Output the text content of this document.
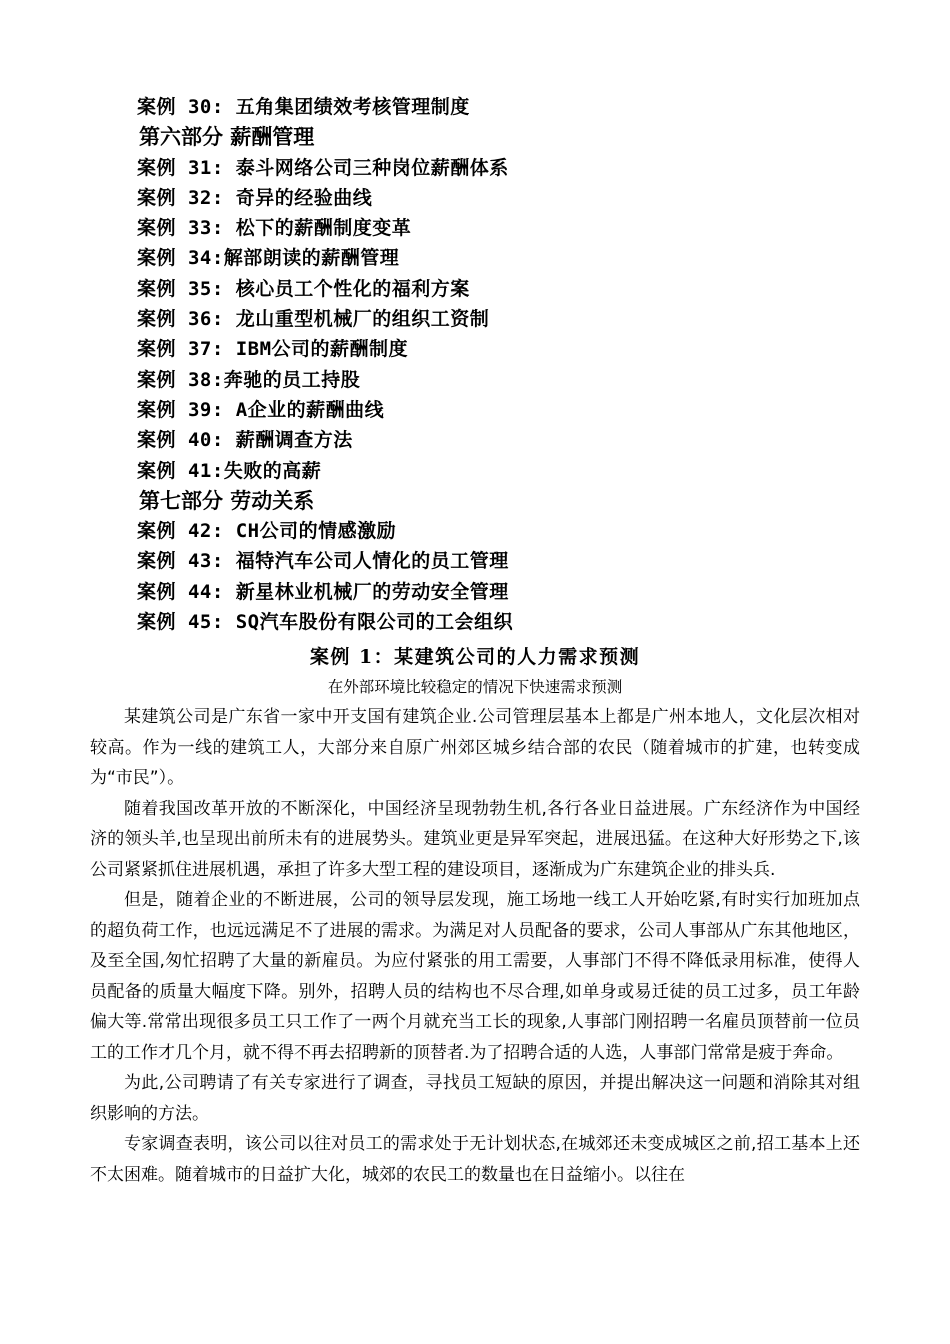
案例 30: 五角集团绩效考核管理制度
第六部分 薪酬管理
案例 31: 泰斗网络公司三种岗位薪酬体系
案例 32: 奇异的经验曲线
案例 33: 松下的薪酬制度变革
案例 34:解部朗读的薪酬管理
案例 35: 核心员工个性化的福利方案
案例 36: 龙山重型机械厂的组织工资制
案例 37: IBM公司的薪酬制度
案例 38:奔驰的员工持股
案例 39: A企业的薪酬曲线
案例 40: 薪酬调查方法
案例 41:失败的高薪
第七部分 劳动关系
案例 42: CH公司的情感激励
案例 43: 福特汽车公司人情化的员工管理
案例 44: 新星林业机械厂的劳动安全管理
案例 45: SQ汽车股份有限公司的工会组织
案例 1：某建筑公司的人力需求预测
在外部环境比较稳定的情况下快速需求预测

某建筑公司是广东省一家中开支国有建筑企业.公司管理层基本上都是广州本地人，文化层次相对较高。作为一线的建筑工人，大部分来自原广州郊区城乡结合部的农民（随着城市的扩建，也转变成为“市民”）。

随着我国改革开放的不断深化，中国经济呈现勃勃生机,各行各业日益进展。广东经济作为中国经济的领头羊,也呈现出前所未有的进展势头。建筑业更是异军突起，进展迅猛。在这种大好形势之下,该公司紧紧抓住进展机遇，承担了许多大型工程的建设项目，逐渐成为广东建筑企业的排头兵.

但是，随着企业的不断进展，公司的领导层发现，施工场地一线工人开始吃紧,有时实行加班加点的超负荷工作，也远远满足不了进展的需求。为满足对人员配备的要求，公司人事部从广东其他地区，及至全国,匆忙招聘了大量的新雇员。为应付紧张的用工需要，人事部门不得不降低录用标准，使得人员配备的质量大幅度下降。别外，招聘人员的结构也不尽合理,如单身或易迁徒的员工过多，员工年龄偏大等.常常出现很多员工只工作了一两个月就充当工长的现象,人事部门刚招聘一名雇员顶替前一位员工的工作才几个月，就不得不再去招聘新的顶替者.为了招聘合适的人选，人事部门常常是疲于奔命。

为此,公司聘请了有关专家进行了调查，寻找员工短缺的原因，并提出解决这一问题和消除其对组织影响的方法。

专家调查表明，该公司以往对员工的需求处于无计划状态,在城郊还未变成城区之前,招工基本上还不太困难。随着城市的日益扩大化，城郊的农民工的数量也在日益缩小。以往在
